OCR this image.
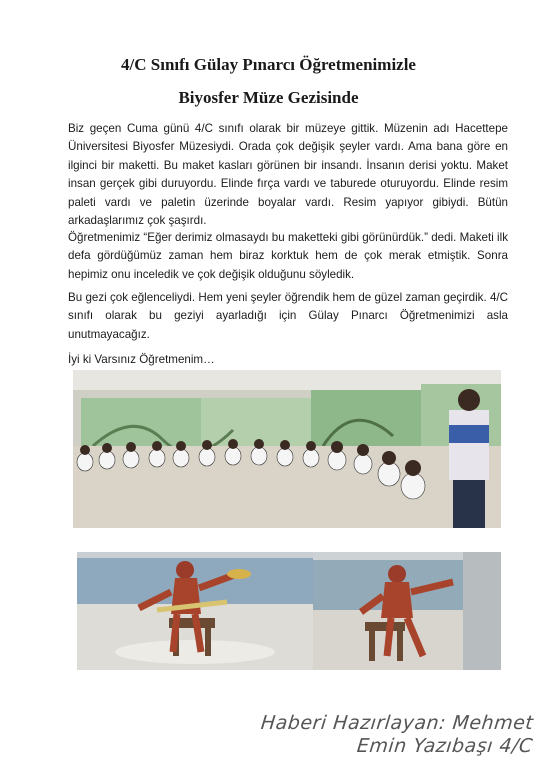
4/C Sınıfı Gülay Pınarcı Öğretmenimizle
Biyosfer Müze Gezisinde

Biz geçen Cuma günü 4/C sınıfı olarak bir müzeye gittik. Müzenin adı Hacettepe Üniversitesi Biyosfer Müzesiydi. Orada çok değişik şeyler vardı. Ama bana göre en ilginci bir maketti. Bu maket kasları görünen bir insandı. İnsanın derisi yoktu. Maket insan gerçek gibi duruyordu. Elinde fırça vardı ve taburede oturuyordu. Elinde resim paleti vardı ve paletin üzerinde boyalar vardı. Resim yapıyor gibiydi. Bütün arkadaşlarımız çok şaşırdı.

Öğretmenimiz “Eğer derimiz olmasaydı bu maketteki gibi görünürdük.” dedi. Maketi ilk defa gördüğümüz zaman hem biraz korktuk hem de çok merak etmiştik. Sonra hepimiz onu inceledik ve çok değişik olduğunu söyledik.

Bu gezi çok eğlenceliydi. Hem yeni şeyler öğrendik hem de güzel zaman geçirdik. 4/C sınıfı olarak bu geziyi ayarladığı için Gülay Pınarcı Öğretmenimizi asla unutmayacağız.

İyi ki Varsınız Öğretmenim…

Haberi Hazırlayan: Mehmet
Emin Yazıbaşı 4/C
